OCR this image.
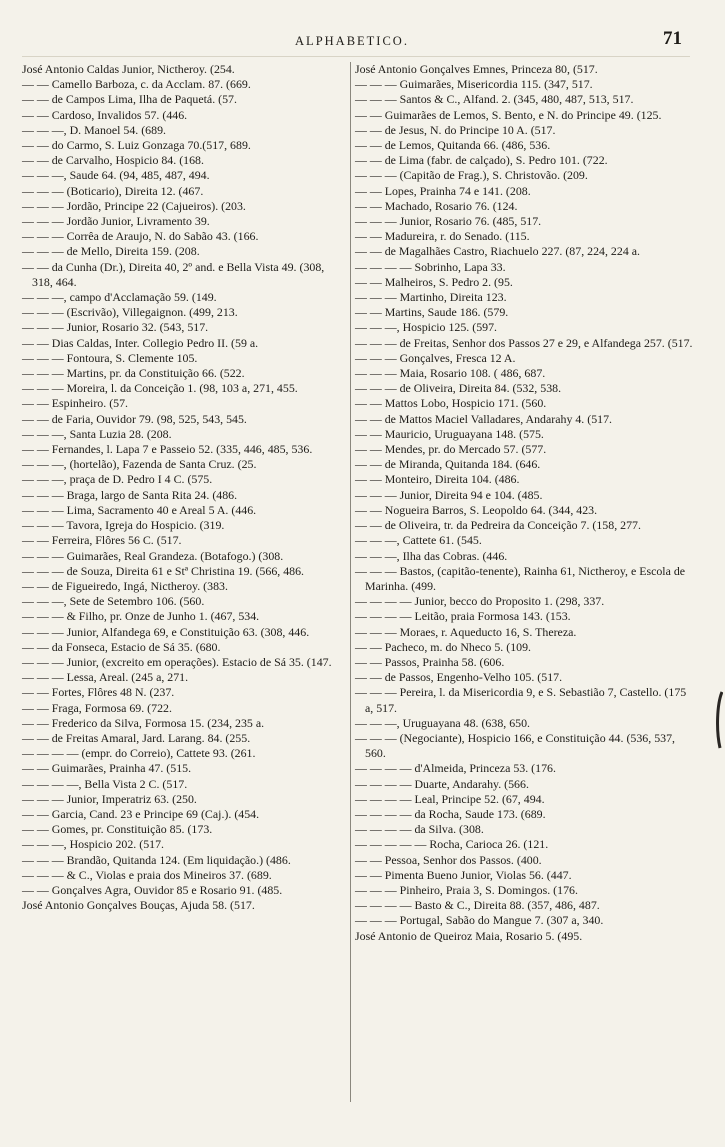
ALPHABETICO.	71

José Antonio Caldas Junior, Nictheroy. (254.

— — Camello Barboza, c. da Acclam. 87. (669.

— — de Campos Lima, Ilha de Paquetá. (57.

— — Cardoso, Invalidos 57. (446.

— — —, D. Manoel 54. (689.

— — do Carmo, S. Luiz Gonzaga 70.(517, 689.

— — de Carvalho, Hospicio 84. (168.

— — —, Saude 64. (94, 485, 487, 494.

— — — (Boticario), Direita 12. (467.

— — — Jordão, Principe 22 (Cajueiros). (203.

— — — Jordão Junior, Livramento 39.

— — — Corrêa de Araujo, N. do Sabão 43. (166.

— — — de Mello, Direita 159. (208.

— — da Cunha (Dr.), Direita 40, 2º and. e Bella Vista 49. (308, 318, 464.

— — —, campo d'Acclamação 59. (149.

— — — (Escrivão), Villegaignon. (499, 213.

— — — Junior, Rosario 32. (543, 517.

— — Dias Caldas, Inter. Collegio Pedro II. (59 a.

— — — Fontoura, S. Clemente 105.

— — — Martins, pr. da Constituição 66. (522.

— — — Moreira, l. da Conceição 1. (98, 103 a, 271, 455.

— — Espinheiro. (57.

— — de Faria, Ouvidor 79. (98, 525, 543, 545.

— — —, Santa Luzia 28. (208.

— — Fernandes, l. Lapa 7 e Passeio 52. (335, 446, 485, 536.

— — —, (hortelão), Fazenda de Santa Cruz. (25.

— — —, praça de D. Pedro I 4 C. (575.

— — — Braga, largo de Santa Rita 24. (486.

— — — Lima, Sacramento 40 e Areal 5 A. (446.

— — — Tavora, Igreja do Hospicio. (319.

— — Ferreira, Flôres 56 C. (517.

— — — Guimarães, Real Grandeza. (Botafogo.) (308.

— — — de Souza, Direita 61 e Stª Christina 19. (566, 486.

— — de Figueiredo, Ingá, Nictheroy. (383.

— — —, Sete de Setembro 106. (560.

— — — & Filho, pr. Onze de Junho 1. (467, 534.

— — — Junior, Alfandega 69, e Constituição 63. (308, 446.

— — da Fonseca, Estacio de Sá 35. (680.

— — — Junior, (excreito em operações). Estacio de Sá 35. (147.

— — — Lessa, Areal. (245 a, 271.

— — Fortes, Flôres 48 N. (237.

— — Fraga, Formosa 69. (722.

— — Frederico da Silva, Formosa 15. (234, 235 a.

— — de Freitas Amaral, Jard. Larang. 84. (255.

— — — — (empr. do Correio), Cattete 93. (261.

— — Guimarães, Prainha 47. (515.

— — — —, Bella Vista 2 C. (517.

— — — Junior, Imperatriz 63. (250.

— — Garcia, Cand. 23 e Principe 69 (Caj.). (454.

— — Gomes, pr. Constituição 85. (173.

— — —, Hospicio 202. (517.

— — — Brandão, Quitanda 124. (Em liquidação.) (486.

— — — & C., Violas e praia dos Mineiros 37. (689.

— — Gonçalves Agra, Ouvidor 85 e Rosario 91. (485.

José Antonio Gonçalves Bouças, Ajuda 58. (517.

José Antonio Gonçalves Emnes, Princeza 80, (517.

— — — Guimarães, Misericordia 115. (347, 517.

— — — Santos & C., Alfand. 2. (345, 480, 487, 513, 517.

— — Guimarães de Lemos, S. Bento, e N. do Principe 49. (125.

— — de Jesus, N. do Principe 10 A. (517.

— — de Lemos, Quitanda 66. (486, 536.

— — de Lima (fabr. de calçado), S. Pedro 101. (722.

— — — (Capitão de Frag.), S. Christovão. (209.

— — Lopes, Prainha 74 e 141. (208.

— — Machado, Rosario 76. (124.

— — — Junior, Rosario 76. (485, 517.

— — Madureira, r. do Senado. (115.

— — de Magalhães Castro, Riachuelo 227. (87, 224, 224 a.

— — — — Sobrinho, Lapa 33.

— — Malheiros, S. Pedro 2. (95.

— — — Martinho, Direita 123.

— — Martins, Saude 186. (579.

— — —, Hospicio 125. (597.

— — — de Freitas, Senhor dos Passos 27 e 29, e Alfandega 257. (517.

— — — Gonçalves, Fresca 12 A.

— — — Maia, Rosario 108. ( 486, 687.

— — — de Oliveira, Direita 84. (532, 538.

— — Mattos Lobo, Hospicio 171. (560.

— — de Mattos Maciel Valladares, Andarahy 4. (517.

— — Mauricio, Uruguayana 148. (575.

— — Mendes, pr. do Mercado 57. (577.

— — de Miranda, Quitanda 184. (646.

— — Monteiro, Direita 104. (486.

— — — Junior, Direita 94 e 104. (485.

— — Nogueira Barros, S. Leopoldo 64. (344, 423.

— — de Oliveira, tr. da Pedreira da Conceição 7. (158, 277.

— — —, Cattete 61. (545.

— — —, Ilha das Cobras. (446.

— — — Bastos, (capitão-tenente), Rainha 61, Nictheroy, e Escola de Marinha. (499.

— — — — Junior, becco do Proposito 1. (298, 337.

— — — — Leitão, praia Formosa 143. (153.

— — — Moraes, r. Aqueducto 16, S. Thereza.

— — Pacheco, m. do Nheco 5. (109.

— — Passos, Prainha 58. (606.

— — de Passos, Engenho-Velho 105. (517.

— — — Pereira, l. da Misericordia 9, e S. Sebastião 7, Castello. (175 a, 517.

— — —, Uruguayana 48. (638, 650.

— — — (Negociante), Hospicio 166, e Constituição 44. (536, 537, 560.

— — — — d'Almeida, Princeza 53. (176.

— — — — Duarte, Andarahy. (566.

— — — — Leal, Principe 52. (67, 494.

— — — — da Rocha, Saude 173. (689.

— — — — da Silva. (308.

— — — — — Rocha, Carioca 26. (121.

— — Pessoa, Senhor dos Passos. (400.

— — Pimenta Bueno Junior, Violas 56. (447.

— — — Pinheiro, Praia 3, S. Domingos. (176.

— — — — Basto & C., Direita 88. (357, 486, 487.

— — — Portugal, Sabão do Mangue 7. (307 a, 340.

José Antonio de Queiroz Maia, Rosario 5. (495.
